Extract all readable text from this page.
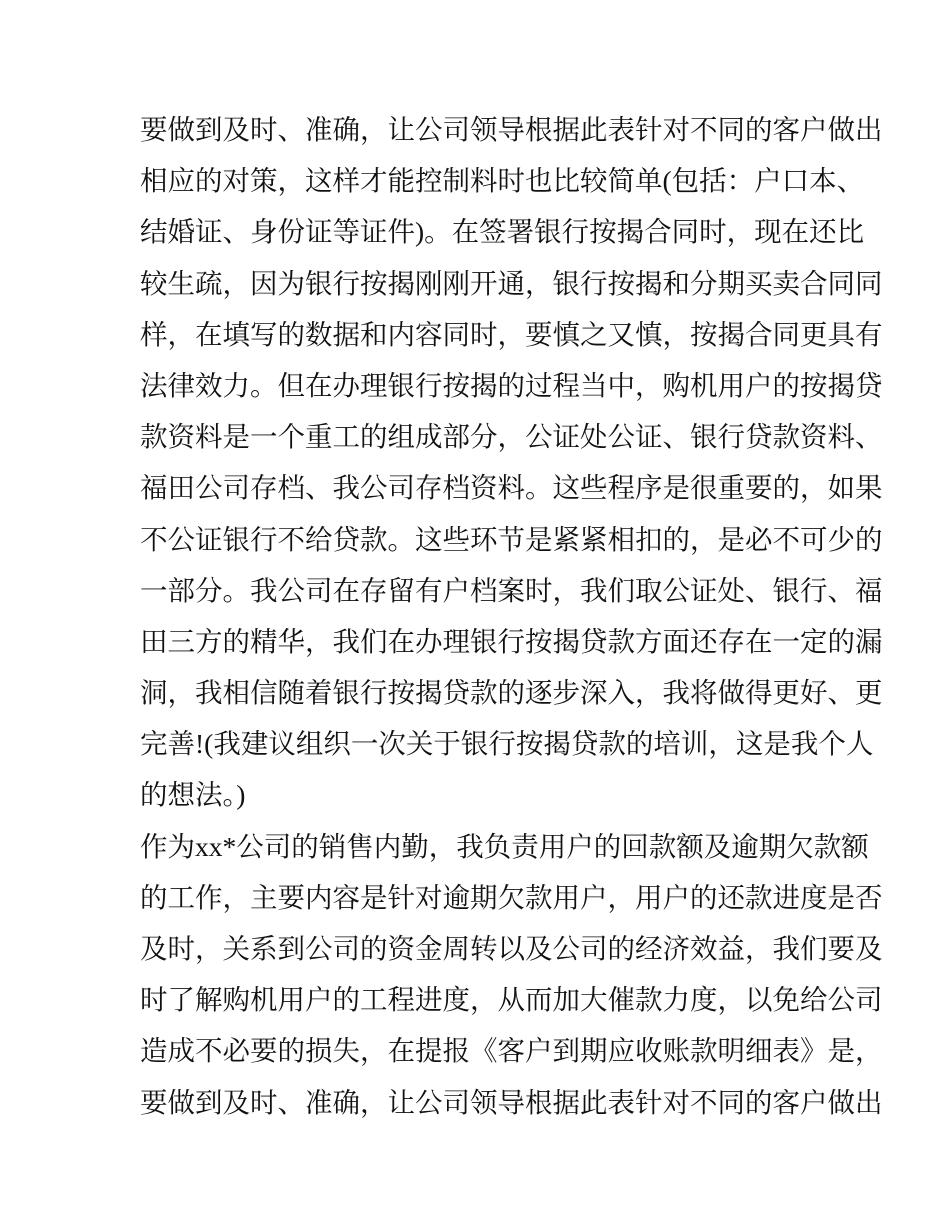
要做到及时、准确，让公司领导根据此表针对不同的客户做出
相应的对策，这样才能控制料时也比较简单(包括：户口本、
结婚证、身份证等证件)。在签署银行按揭合同时，现在还比
较生疏，因为银行按揭刚刚开通，银行按揭和分期买卖合同同
样，在填写的数据和内容同时，要慎之又慎，按揭合同更具有
法律效力。但在办理银行按揭的过程当中，购机用户的按揭贷
款资料是一个重工的组成部分，公证处公证、银行贷款资料、
福田公司存档、我公司存档资料。这些程序是很重要的，如果
不公证银行不给贷款。这些环节是紧紧相扣的，是必不可少的
一部分。我公司在存留有户档案时，我们取公证处、银行、福
田三方的精华，我们在办理银行按揭贷款方面还存在一定的漏
洞，我相信随着银行按揭贷款的逐步深入，我将做得更好、更
完善!(我建议组织一次关于银行按揭贷款的培训，这是我个人
的想法。)
作为xx*公司的销售内勤，我负责用户的回款额及逾期欠款额
的工作，主要内容是针对逾期欠款用户，用户的还款进度是否
及时，关系到公司的资金周转以及公司的经济效益，我们要及
时了解购机用户的工程进度，从而加大催款力度，以免给公司
造成不必要的损失，在提报《客户到期应收账款明细表》是，
要做到及时、准确，让公司领导根据此表针对不同的客户做出
